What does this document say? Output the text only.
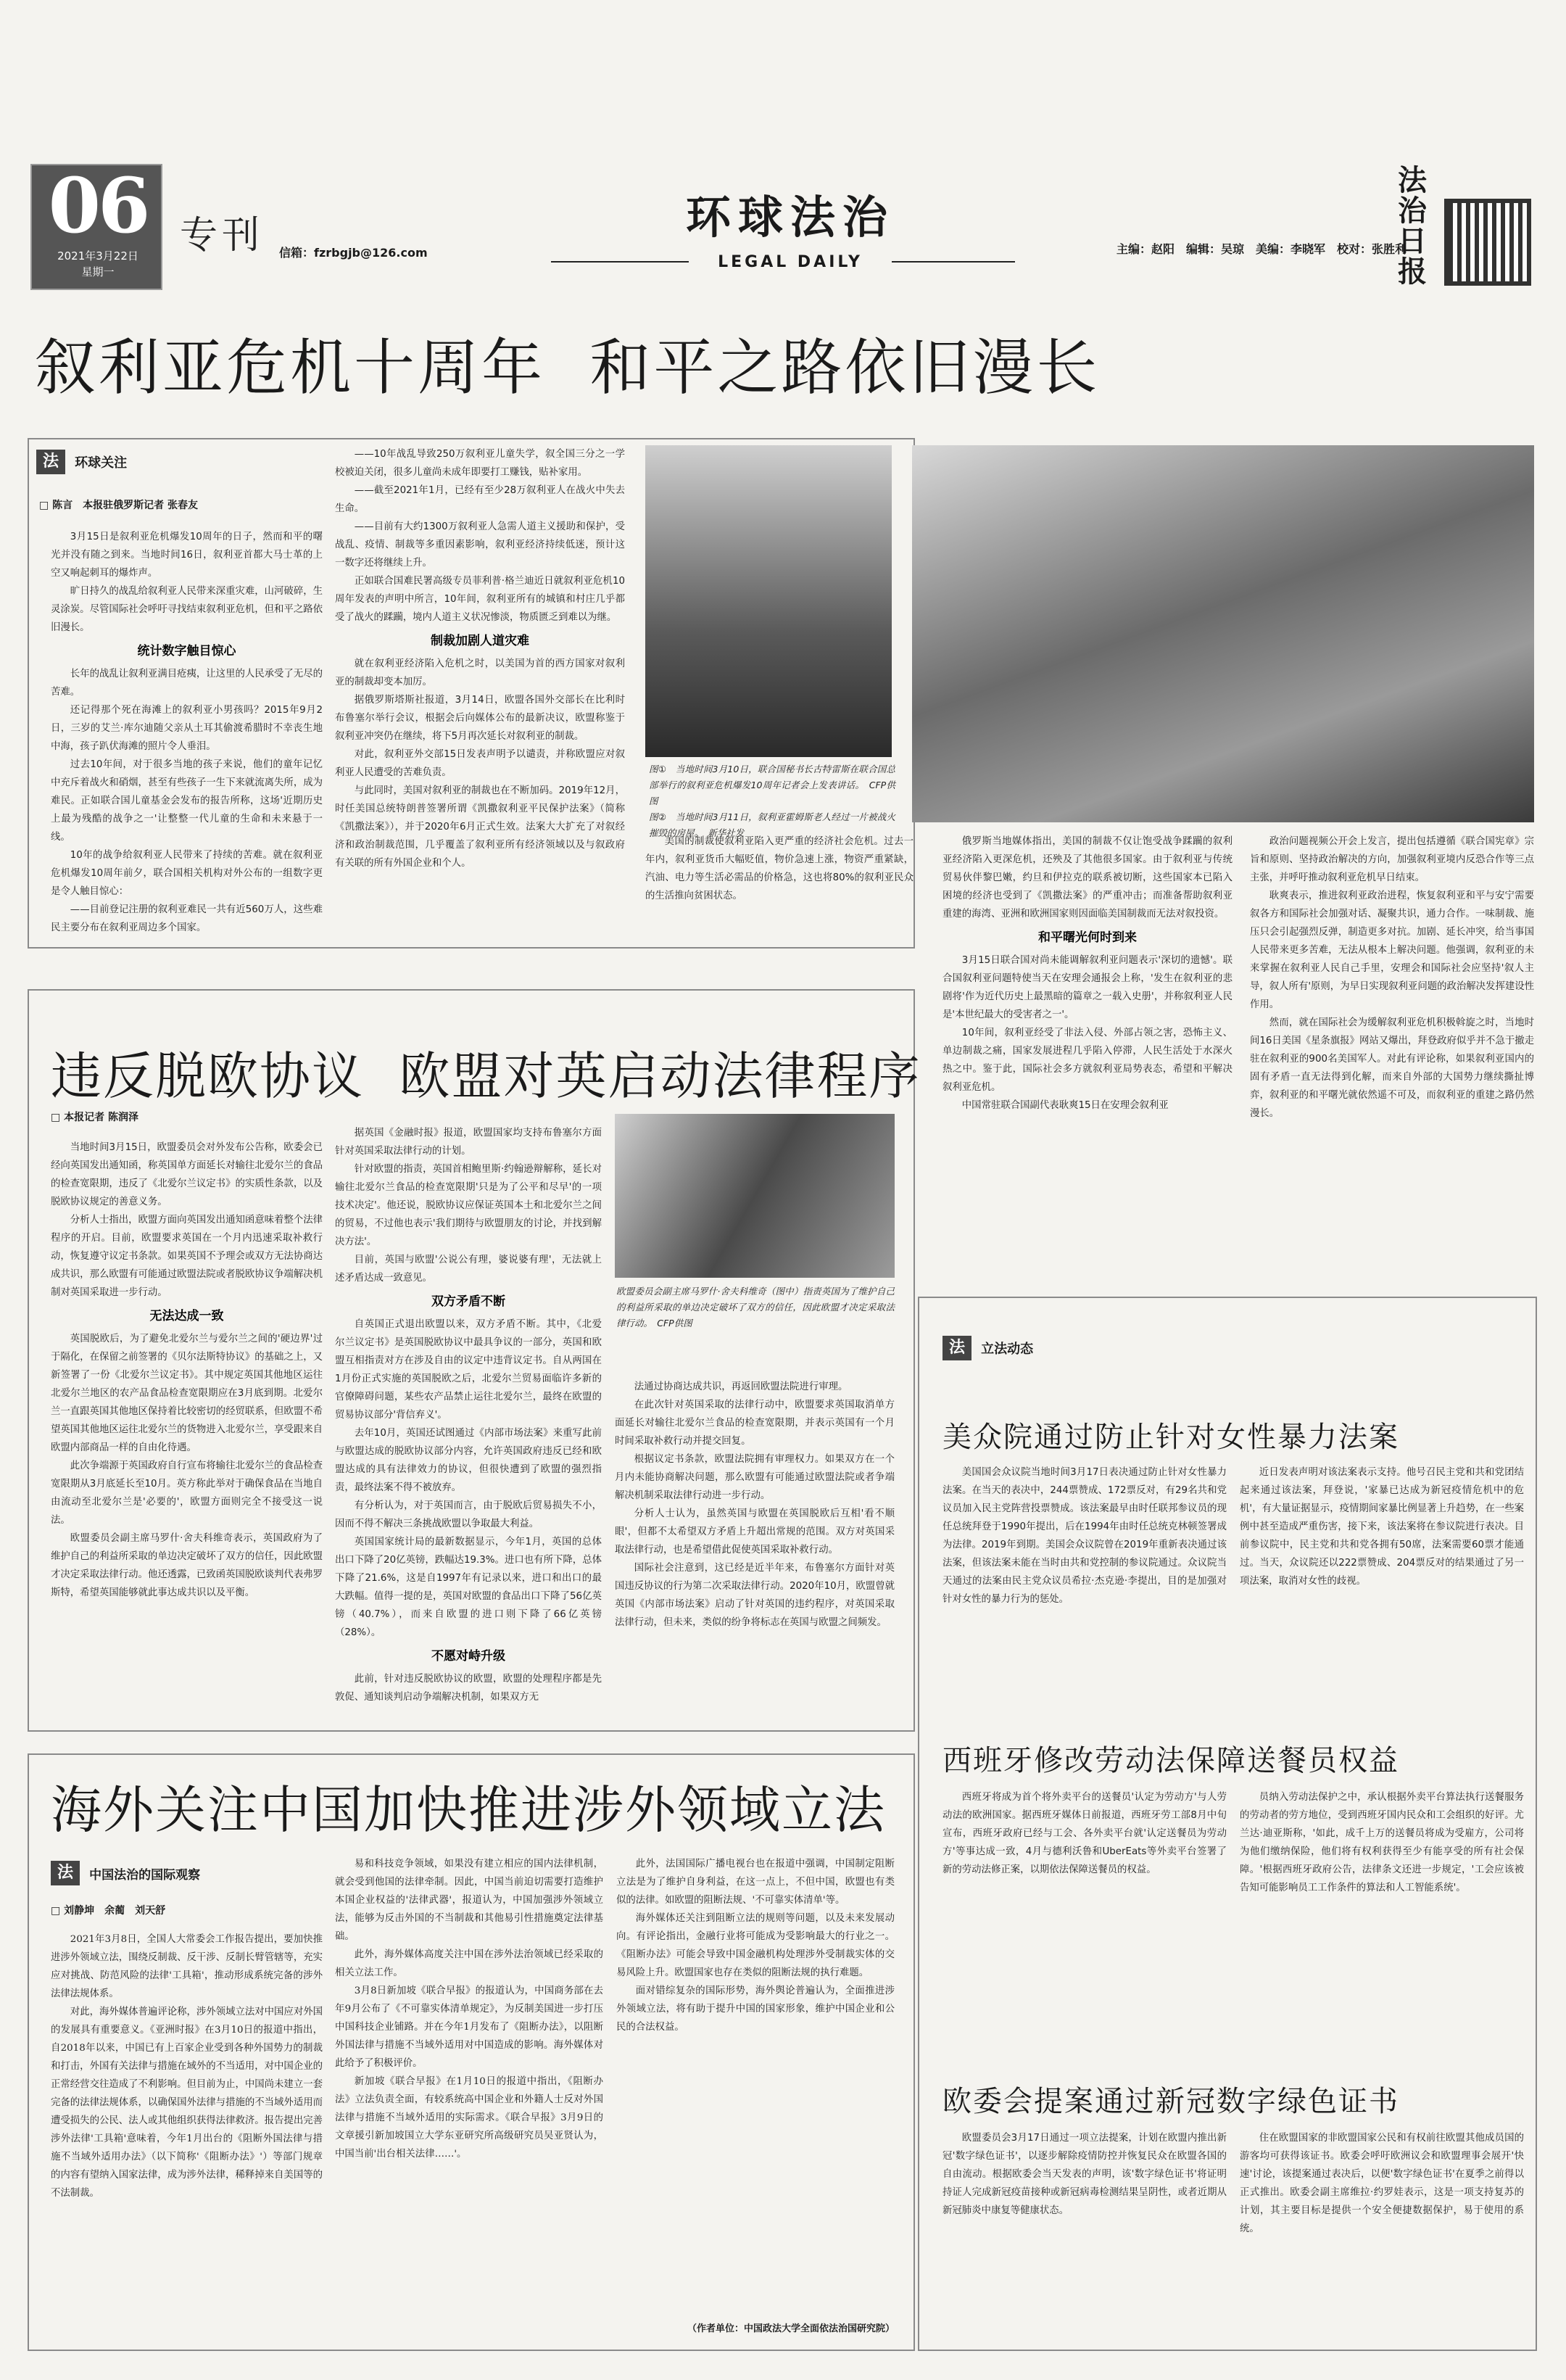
06
2021年3月22日
星期一
专刊 信箱：fzrbgjb@126.com
环球法治
LEGAL DAILY
主编：赵阳　编辑：吴琼　美编：李晓军　校对：张胜利
法治日报
叙利亚危机十周年  和平之路依旧漫长
法 环球关注
□ 陈言　本报驻俄罗斯记者 张春友

3月15日是叙利亚危机爆发10周年的日子，然而和平的曙光并没有随之到来。当地时间16日，叙利亚首都大马士革的上空又响起刺耳的爆炸声。

旷日持久的战乱给叙利亚人民带来深重灾难，山河破碎，生灵涂炭。尽管国际社会呼吁寻找结束叙利亚危机，但和平之路依旧漫长。

统计数字触目惊心

长年的战乱让叙利亚满目疮痍，让这里的人民承受了无尽的苦难。

还记得那个死在海滩上的叙利亚小男孩吗？2015年9月2日，三岁的艾兰·库尔迪随父亲从土耳其偷渡希腊时不幸丧生地中海，孩子趴伏海滩的照片令人垂泪。

过去10年间，对于很多当地的孩子来说，他们的童年记忆中充斥着战火和硝烟，甚至有些孩子一生下来就流离失所，成为难民。正如联合国儿童基金会发布的报告所称，这场'近期历史上最为残酷的战争之一'让整整一代儿童的生命和未来悬于一线。

10年的战争给叙利亚人民带来了持续的苦难。就在叙利亚危机爆发10周年前夕，联合国相关机构对外公布的一组数字更是令人触目惊心：

——目前登记注册的叙利亚难民一共有近560万人，这些难民主要分布在叙利亚周边多个国家。

——10年战乱导致250万叙利亚儿童失学，叙全国三分之一学校被迫关闭，很多儿童尚未成年即要打工赚钱，贴补家用。

——截至2021年1月，已经有至少28万叙利亚人在战火中失去生命。

——目前有大约1300万叙利亚人急需人道主义援助和保护，受战乱、疫情、制裁等多重因素影响，叙利亚经济持续低迷，预计这一数字还将继续上升。

正如联合国难民署高级专员菲利普·格兰迪近日就叙利亚危机10周年发表的声明中所言，10年间，叙利亚所有的城镇和村庄几乎都受了战火的蹂躏，境内人道主义状况惨淡，物质匮乏到难以为继。

制裁加剧人道灾难

就在叙利亚经济陷入危机之时，以美国为首的西方国家对叙利亚的制裁却变本加厉。

据俄罗斯塔斯社报道，3月14日，欧盟各国外交部长在比利时布鲁塞尔举行会议，根据会后向媒体公布的最新决议，欧盟称鉴于叙利亚冲突仍在继续，将下5月再次延长对叙利亚的制裁。

对此，叙利亚外交部15日发表声明予以谴责，并称欧盟应对叙利亚人民遭受的苦难负责。

与此同时，美国对叙利亚的制裁也在不断加码。2019年12月，时任美国总统特朗普签署所谓《凯撒叙利亚平民保护法案》（简称《凯撒法案》），并于2020年6月正式生效。法案大大扩充了对叙经济和政治制裁范围，几乎覆盖了叙利亚所有经济领域以及与叙政府有关联的所有外国企业和个人。

图①　当地时间3月10日，联合国秘书长古特雷斯在联合国总部举行的叙利亚危机爆发10周年记者会上发表讲话。　CFP供图
图②　当地时间3月11日，叙利亚霍姆斯老人经过一片被战火摧毁的房屋。　新华社发

美国的制裁使叙利亚陷入更严重的经济社会危机。过去一年内，叙利亚货币大幅贬值，物价急速上涨，物资严重紧缺，汽油、电力等生活必需品的价格急，这也将80%的叙利亚民众的生活推向贫困状态。

俄罗斯当地媒体指出，美国的制裁不仅让饱受战争蹂躏的叙利亚经济陷入更深危机，还殃及了其他很多国家。由于叙利亚与传统贸易伙伴黎巴嫩，约旦和伊拉克的联系被切断，这些国家本已陷入困境的经济也受到了《凯撒法案》的严重冲击；而准备帮助叙利亚重建的海湾、亚洲和欧洲国家则因面临美国制裁而无法对叙投资。

和平曙光何时到来

3月15日联合国对尚未能调解叙利亚问题表示'深切的遗憾'。联合国叙利亚问题特使当天在安理会通报会上称，'发生在叙利亚的悲剧将'作为近代历史上最黑暗的篇章之一载入史册'，并称叙利亚人民是'本世纪最大的受害者之一'。

10年间，叙利亚经受了非法入侵、外部占领之害，恐怖主义、单边制裁之痛，国家发展进程几乎陷入停滞，人民生活处于水深火热之中。鉴于此，国际社会多方就叙利亚局势表态，希望和平解决叙利亚危机。

中国常驻联合国副代表耿爽15日在安理会叙利亚

政治问题视频公开会上发言，提出包括遵循《联合国宪章》宗旨和原则、坚持政治解决的方向，加强叙利亚境内反恐合作等三点主张，并呼吁推动叙利亚危机早日结束。

耿爽表示，推进叙利亚政治进程，恢复叙利亚和平与安宁需要叙各方和国际社会加强对话、凝聚共识，通力合作。一味制裁、施压只会引起强烈反弹，制造更多对抗。加剧、延长冲突，给当事国人民带来更多苦难，无法从根本上解决问题。他强调，叙利亚的未来掌握在叙利亚人民自己手里，安理会和国际社会应坚持'叙人主导，叙人所有'原则，为早日实现叙利亚问题的政治解决发挥建设性作用。

然而，就在国际社会为缓解叙利亚危机积极斡旋之时，当地时间16日美国《星条旗报》网站又爆出，拜登政府似乎并不急于撤走驻在叙利亚的900名美国军人。对此有评论称，如果叙利亚国内的固有矛盾一直无法得到化解，而来自外部的大国势力继续撕扯博弈，叙利亚的和平曙光就依然遥不可及，而叙利亚的重建之路仍然漫长。

违反脱欧协议  欧盟对英启动法律程序
□ 本报记者 陈润泽

当地时间3月15日，欧盟委员会对外发布公告称，欧委会已经向英国发出通知函，称英国单方面延长对输往北爱尔兰的食品的检查宽限期，违反了《北爱尔兰议定书》的实质性条款，以及脱欧协议规定的善意义务。

分析人士指出，欧盟方面向英国发出通知函意味着整个法律程序的开启。目前，欧盟要求英国在一个月内迅速采取补救行动，恢复遵守议定书条款。如果英国不予理会或双方无法协商达成共识，那么欧盟有可能通过欧盟法院或者脱欧协议争端解决机制对英国采取进一步行动。

无法达成一致

英国脱欧后，为了避免北爱尔兰与爱尔兰之间的'硬边界'过于隔化，在保留之前签署的《贝尔法斯特协议》的基础之上，又新签署了一份《北爱尔兰议定书》。其中规定英国其他地区运往北爱尔兰地区的农产品食品检查宽限期应在3月底到期。北爱尔兰一直跟英国其他地区保持着比较密切的经贸联系，但欧盟不希望英国其他地区运往北爱尔兰的货物进入北爱尔兰，享受跟来自欧盟内部商品一样的自由化待遇。

此次争端源于英国政府自行宣布将输往北爱尔兰的食品检查宽限期从3月底延长至10月。英方称此举对于确保食品在当地自由流动至北爱尔兰是'必要的'，欧盟方面则完全不接受这一说法。

欧盟委员会副主席马罗什·舍夫科维奇表示，英国政府为了维护自己的利益所采取的单边决定破坏了双方的信任，因此欧盟才决定采取法律行动。他还透露，已致函英国脱欧谈判代表弗罗斯特，希望英国能够就此事达成共识以及平衡。

据英国《金融时报》报道，欧盟国家均支持布鲁塞尔方面针对英国采取法律行动的计划。

针对欧盟的指责，英国首相鲍里斯·约翰逊辩解称，延长对输往北爱尔兰食品的检查宽限期'只是为了公平和尽早'的一项技术决定'。他还说，脱欧协议应保证英国本土和北爱尔兰之间的贸易，不过他也表示'我们期待与欧盟朋友的讨论，并找到解决方法'。

目前，英国与欧盟'公说公有理，婆说婆有理'，无法就上述矛盾达成一致意见。

双方矛盾不断

自英国正式退出欧盟以来，双方矛盾不断。其中，《北爱尔兰议定书》是英国脱欧协议中最具争议的一部分，英国和欧盟互相指责对方在涉及自由的议定中违背议定书。自从两国在1月份正式实施的英国脱欧之后，北爱尔兰贸易面临许多新的官僚障碍问题，某些农产品禁止运往北爱尔兰，最终在欧盟的贸易协议部分'背信弃义'。

去年10月，英国还试图通过《内部市场法案》来重写此前与欧盟达成的脱欧协议部分内容，允许英国政府违反已经和欧盟达成的具有法律效力的协议，但很快遭到了欧盟的强烈指责，最终法案不得不被放弃。

有分析认为，对于英国而言，由于脱欧后贸易损失不小，因而不得不解决三条挑战欧盟以争取最大利益。

英国国家统计局的最新数据显示，今年1月，英国的总体出口下降了20亿英镑，跌幅达19.3%。进口也有所下降，总体下降了21.6%，这是自1997年有记录以来，进口和出口的最大跌幅。值得一提的是，英国对欧盟的食品出口下降了56亿英镑（40.7%），而来自欧盟的进口则下降了66亿英镑（28%）。

不愿对峙升级

此前，针对违反脱欧协议的欧盟，欧盟的处理程序都是先敦促、通知谈判启动争端解决机制，如果双方无

欧盟委员会副主席马罗什·舍夫科维奇（图中）指责英国为了维护自己的利益所采取的单边决定破坏了双方的信任，因此欧盟才决定采取法律行动。　CFP供图

法通过协商达成共识，再返回欧盟法院进行审理。

在此次针对英国采取的法律行动中，欧盟要求英国取消单方面延长对输往北爱尔兰食品的检查宽限期，并表示英国有一个月时间采取补救行动并提交回复。

根据议定书条款，欧盟法院拥有审理权力。如果双方在一个月内未能协商解决问题，那么欧盟有可能通过欧盟法院或者争端解决机制采取法律行动进一步行动。

分析人士认为，虽然英国与欧盟在英国脱欧后互相'看不顺眼'，但都不太希望双方矛盾上升超出常规的范围。双方对英国采取法律行动，也是希望借此促使英国采取补救行动。

国际社会注意到，这已经是近半年来，布鲁塞尔方面针对英国违反协议的行为第二次采取法律行动。2020年10月，欧盟曾就英国《内部市场法案》启动了针对英国的违约程序，对英国采取法律行动，但未来，类似的纷争将标志在英国与欧盟之间频发。

海外关注中国加快推进涉外领域立法
法 中国法治的国际观察
□ 刘静坤　余蔺　刘天舒

2021年3月8日，全国人大常委会工作报告提出，要加快推进涉外领域立法，围绕反制裁、反干涉、反制长臂管辖等，充实应对挑战、防范风险的法律'工具箱'，推动形成系统完备的涉外法律法规体系。

对此，海外媒体普遍评论称，涉外领域立法对中国应对外国的发展具有重要意义。《亚洲时报》在3月10日的报道中指出，自2018年以来，中国已有上百家企业受到各种外国势力的制裁和打击，外国有关法律与措施在域外的不当适用，对中国企业的正常经营交往造成了不利影响。但目前为止，中国尚未建立一套完备的法律法规体系，以确保国外法律与措施的不当域外适用而遭受损失的公民、法人或其他组织获得法律救济。报告提出完善涉外法律'工具箱'意味着，今年1月出台的《阻断外国法律与措施不当域外适用办法》（以下简称'《阻断办法》'）等部门规章的内容有望纳入国家法律，成为涉外法律，稀释掉来自美国等的不法制裁。

易和科技竞争领域，如果没有建立相应的国内法律机制，就会受到他国的法律牵制。因此，中国当前迫切需要打造维护本国企业权益的'法律武器'，报道认为，中国加强涉外领域立法，能够为反击外国的不当制裁和其他易引性措施奠定法律基础。

此外，海外媒体高度关注中国在涉外法治领域已经采取的相关立法工作。

3月8日新加坡《联合早报》的报道认为，中国商务部在去年9月公布了《不可靠实体清单规定》，为反制美国进一步打压中国科技企业铺路。并在今年1月发布了《阻断办法》，以阻断外国法律与措施不当域外适用对中国造成的影响。海外媒体对此给予了积极评价。

新加坡《联合早报》在1月10日的报道中指出，《阻断办法》立法负责全面，有较系统高中国企业和外籍人士反对外国法律与措施不当域外适用的实际需求。《联合早报》3月9日的文章援引新加坡国立大学东亚研究所高级研究员吴亚贤认为，中国当前'出台相关法律……'。

此外，法国国际广播电视台也在报道中强调，中国制定阻断立法是为了维护自身利益，在这一点上，不但中国，欧盟也有类似的法律。如欧盟的阻断法规、'不可靠实体清单'等。

海外媒体还关注到阻断立法的规则等问题，以及未来发展动向。有评论指出，金融行业将可能成为受影响最大的行业之一。《阻断办法》可能会导致中国金融机构处理涉外受制裁实体的交易风险上升。欧盟国家也存在类似的阻断法规的执行难题。

面对错综复杂的国际形势，海外舆论普遍认为，全面推进涉外领域立法，将有助于提升中国的国家形象，维护中国企业和公民的合法权益。

（作者单位：中国政法大学全面依法治国研究院）
法 立法动态
美众院通过防止针对女性暴力法案

美国国会众议院当地时间3月17日表决通过防止针对女性暴力法案。在当天的表决中，244票赞成、172票反对，有29名共和党议员加入民主党阵营投票赞成。该法案最早由时任联邦参议员的现任总统拜登于1990年提出，后在1994年由时任总统克林顿签署成为法律。2019年到期。美国会众议院曾在2019年重新表决通过该法案，但该法案未能在当时由共和党控制的参议院通过。众议院当天通过的法案由民主党众议员希拉·杰克逊·李提出，目的是加强对针对女性的暴力行为的惩处。

近日发表声明对该法案表示支持。他号召民主党和共和党团结起来通过该法案，拜登说，'家暴已达成为新冠疫情危机中的危机'，有大量证据显示，疫情期间家暴比例显著上升趋势，在一些案例中甚至造成严重伤害，接下来，该法案将在参议院进行表决。目前参议院中，民主党和共和党各拥有50席，法案需要60票才能通过。当天，众议院还以222票赞成、204票反对的结果通过了另一项法案，取消对女性的歧视。

西班牙修改劳动法保障送餐员权益

西班牙将成为首个将外卖平台的送餐员'认定为劳动方'与人劳动法的欧洲国家。据西班牙媒体日前报道，西班牙劳工部8月中旬宣布，西班牙政府已经与工会、各外卖平台就'认定送餐员为劳动方'等事达成一致，4月与德利沃鲁和UberEats等外卖平台签署了新的劳动法修正案，以期依法保障送餐员的权益。

员纳入劳动法保护之中，承认根据外卖平台算法执行送餐服务的劳动者的劳方地位，受到西班牙国内民众和工会组织的好评。尤兰达·迪亚斯称，'如此，成千上万的送餐员将成为受雇方，公司将为他们缴纳保险，他们将有权利获得至少有能享受的所有社会保障。'根据西班牙政府公告，法律条文还进一步规定，'工会应该被告知可能影响员工工作条件的算法和人工智能系统'。

欧委会提案通过新冠数字绿色证书

欧盟委员会3月17日通过一项立法提案，计划在欧盟内推出新冠'数字绿色证书'，以逐步解除疫情防控并恢复民众在欧盟各国的自由流动。根据欧委会当天发表的声明，该'数字绿色证书'将证明持证人完成新冠疫苗接种或新冠病毒检测结果呈阴性，或者近期从新冠肺炎中康复等健康状态。

住在欧盟国家的非欧盟国家公民和有权前往欧盟其他成员国的游客均可获得该证书。欧委会呼吁欧洲议会和欧盟理事会展开'快速'讨论，该提案通过表决后，以便'数字绿色证书'在夏季之前得以正式推出。欧委会副主席维拉·约罗娃表示，这是一项支持复苏的计划，其主要目标是提供一个安全便捷数据保护，易于使用的系统。
